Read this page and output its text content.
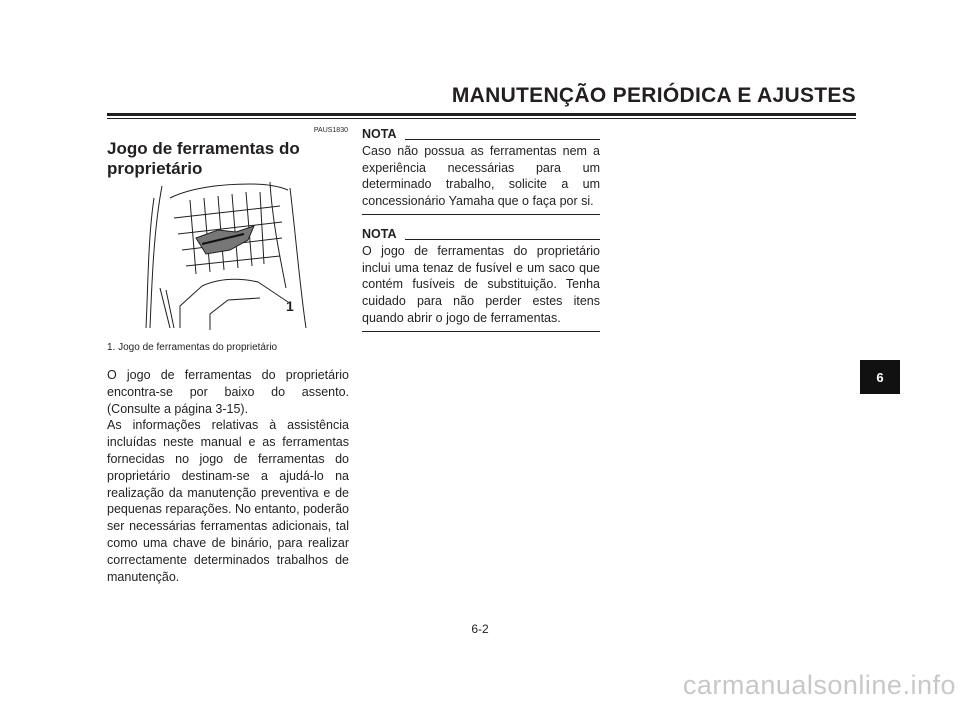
MANUTENÇÃO PERIÓDICA E AJUSTES
PAUS1830
Jogo de ferramentas do proprietário
1
1. Jogo de ferramentas do proprietário

O jogo de ferramentas do proprietário encontra-se por baixo do assento. (Consulte a página 3-15).

As informações relativas à assistência incluídas neste manual e as ferramentas fornecidas no jogo de ferramentas do proprietário destinam-se a ajudá-lo na realização da manutenção preventiva e de pequenas reparações. No entanto, poderão ser necessárias ferramentas adicionais, tal como uma chave de binário, para realizar correctamente determinados trabalhos de manutenção.

NOTA
Caso não possua as ferramentas nem a experiência necessárias para um determinado trabalho, solicite a um concessionário Yamaha que o faça por si.
NOTA
O jogo de ferramentas do proprietário inclui uma tenaz de fusível e um saco que contém fusíveis de substituição. Tenha cuidado para não perder estes itens quando abrir o jogo de ferramentas.
6-2
6
carmanualsonline.info
